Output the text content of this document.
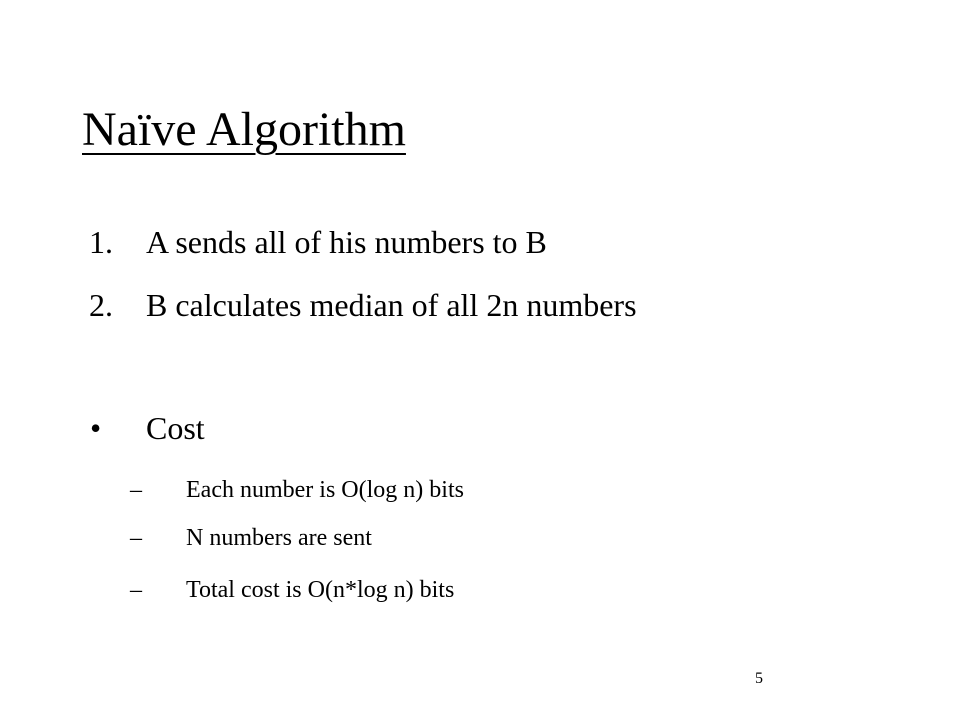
Naïve Algorithm
1. A sends all of his numbers to B
2. B calculates median of all 2n numbers
• Cost
– Each number is O(log n) bits
– N numbers are sent
– Total cost is O(n*log n) bits
5
